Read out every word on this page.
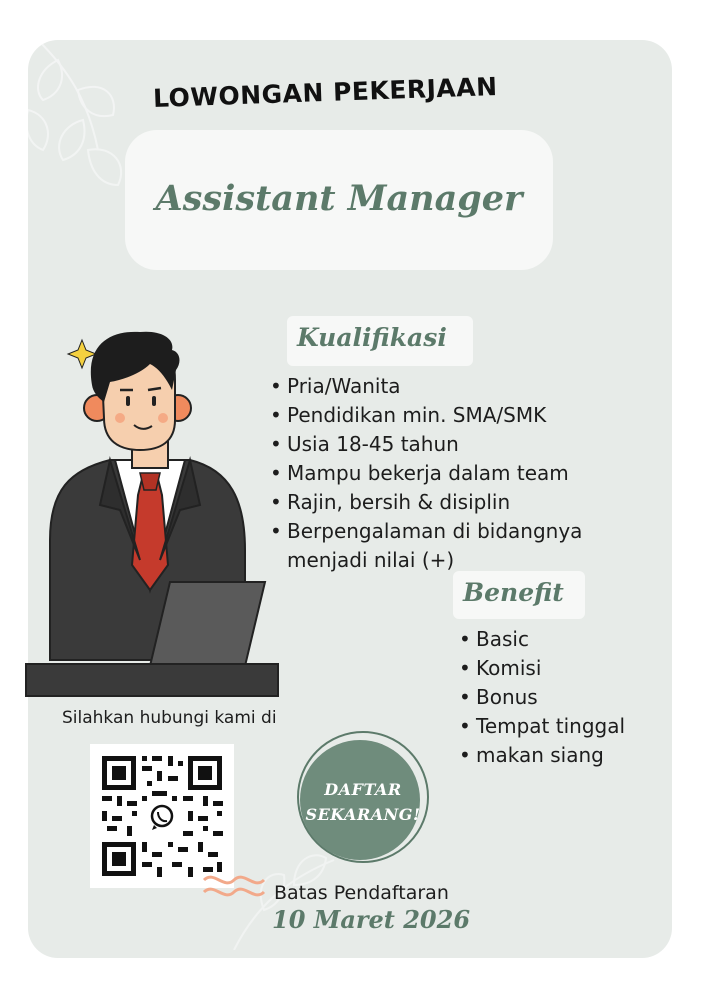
LOWONGAN PEKERJAAN
Assistant Manager
Kualifikasi
• Pria/Wanita
• Pendidikan min. SMA/SMK
• Usia 18-45 tahun
• Mampu bekerja dalam team
• Rajin, bersih & disiplin
• Berpengalaman di bidangnya
menjadi nilai (+)
Benefit
• Basic
• Komisi
• Bonus
• Tempat tinggal
• makan siang
Silahkan hubungi kami di
DAFTAR
SEKARANG!
Batas Pendaftaran
10 Maret 2026
